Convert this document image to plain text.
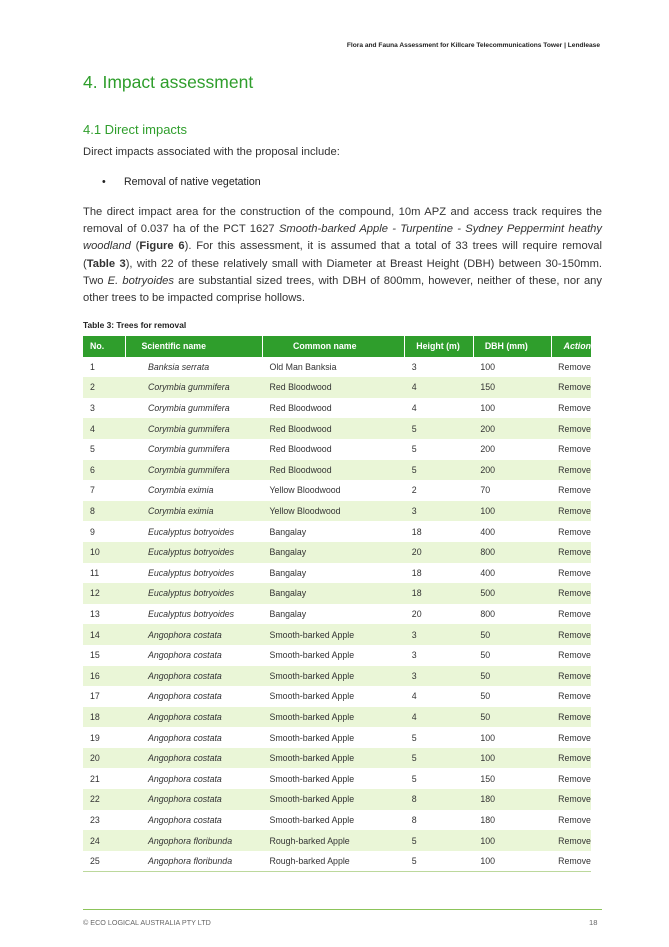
Flora and Fauna Assessment for Killcare Telecommunications Tower | Lendlease
4. Impact assessment
4.1 Direct impacts

Direct impacts associated with the proposal include:

• Removal of native vegetation

The direct impact area for the construction of the compound, 10m APZ and access track requires the
removal of 0.037 ha of the PCT 1627 Smooth-barked Apple - Turpentine - Sydney Peppermint heathy
woodland (Figure 6). For this assessment, it is assumed that a total of 33 trees will require removal
(Table 3), with 22 of these relatively small with Diameter at Breast Height (DBH) between 30-150mm.
Two E. botryoides are substantial sized trees, with DBH of 800mm, however, neither of these, nor any
other trees to be impacted comprise hollows.

Table 3: Trees for removal

No.	Scientific name	Common name	Height (m)	DBH (mm)	Action
1	Banksia serrata	Old Man Banksia	3	100	Remove
2	Corymbia gummifera	Red Bloodwood	4	150	Remove
3	Corymbia gummifera	Red Bloodwood	4	100	Remove
4	Corymbia gummifera	Red Bloodwood	5	200	Remove
5	Corymbia gummifera	Red Bloodwood	5	200	Remove
6	Corymbia gummifera	Red Bloodwood	5	200	Remove
7	Corymbia eximia	Yellow Bloodwood	2	70	Remove
8	Corymbia eximia	Yellow Bloodwood	3	100	Remove
9	Eucalyptus botryoides	Bangalay	18	400	Remove
10	Eucalyptus botryoides	Bangalay	20	800	Remove
11	Eucalyptus botryoides	Bangalay	18	400	Remove
12	Eucalyptus botryoides	Bangalay	18	500	Remove
13	Eucalyptus botryoides	Bangalay	20	800	Remove
14	Angophora costata	Smooth-barked Apple	3	50	Remove
15	Angophora costata	Smooth-barked Apple	3	50	Remove
16	Angophora costata	Smooth-barked Apple	3	50	Remove
17	Angophora costata	Smooth-barked Apple	4	50	Remove
18	Angophora costata	Smooth-barked Apple	4	50	Remove
19	Angophora costata	Smooth-barked Apple	5	100	Remove
20	Angophora costata	Smooth-barked Apple	5	100	Remove
21	Angophora costata	Smooth-barked Apple	5	150	Remove
22	Angophora costata	Smooth-barked Apple	8	180	Remove
23	Angophora costata	Smooth-barked Apple	8	180	Remove
24	Angophora floribunda	Rough-barked Apple	5	100	Remove
25	Angophora floribunda	Rough-barked Apple	5	100	Remove
© ECO LOGICAL AUSTRALIA PTY LTD	18
